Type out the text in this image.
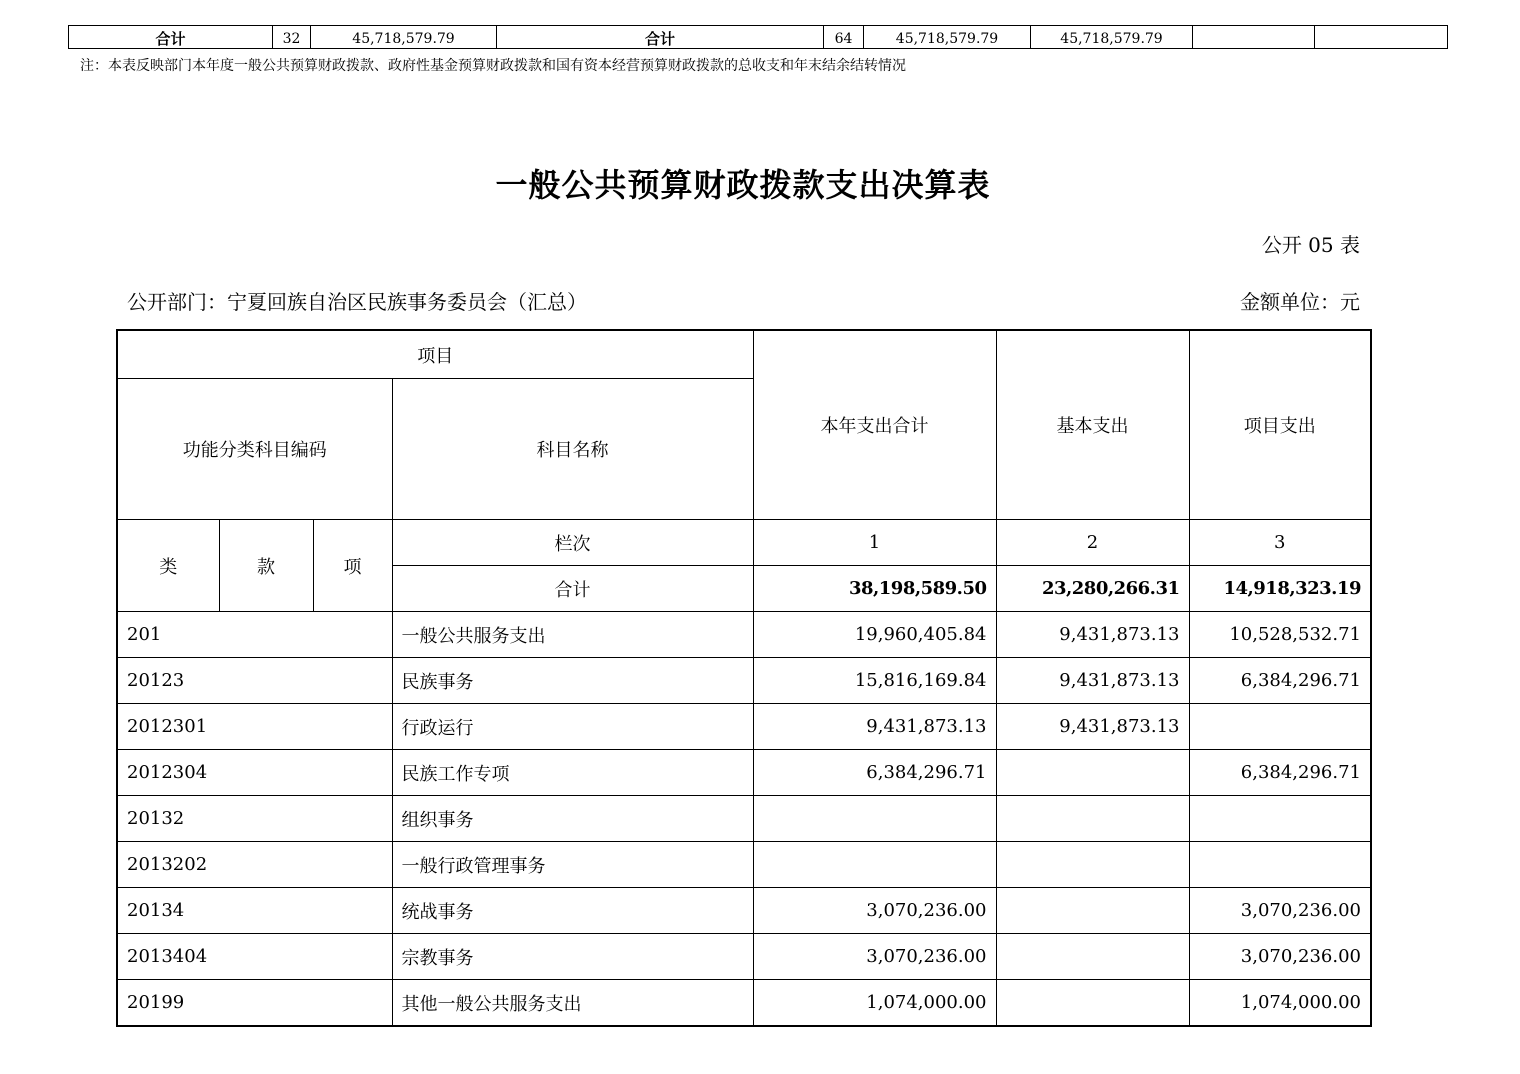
合计	32	45,718,579.79	合计	64	45,718,579.79	45,718,579.79		
注：本表反映部门本年度一般公共预算财政拨款、政府性基金预算财政拨款和国有资本经营预算财政拨款的总收支和年末结余结转情况
一般公共预算财政拨款支出决算表
公开 05 表
公开部门：宁夏回族自治区民族事务委员会（汇总）	金额单位：元
项目				本年支出合计	基本支出	项目支出
功能分类科目编码			科目名称			
类	款	项	栏次	1	2	3
			合计	38,198,589.50	23,280,266.31	14,918,323.19
201			一般公共服务支出	19,960,405.84	9,431,873.13	10,528,532.71
20123			民族事务	15,816,169.84	9,431,873.13	6,384,296.71
2012301			行政运行	9,431,873.13	9,431,873.13	
2012304			民族工作专项	6,384,296.71		6,384,296.71
20132			组织事务			
2013202			一般行政管理事务			
20134			统战事务	3,070,236.00		3,070,236.00
2013404			宗教事务	3,070,236.00		3,070,236.00
20199			其他一般公共服务支出	1,074,000.00		1,074,000.00
